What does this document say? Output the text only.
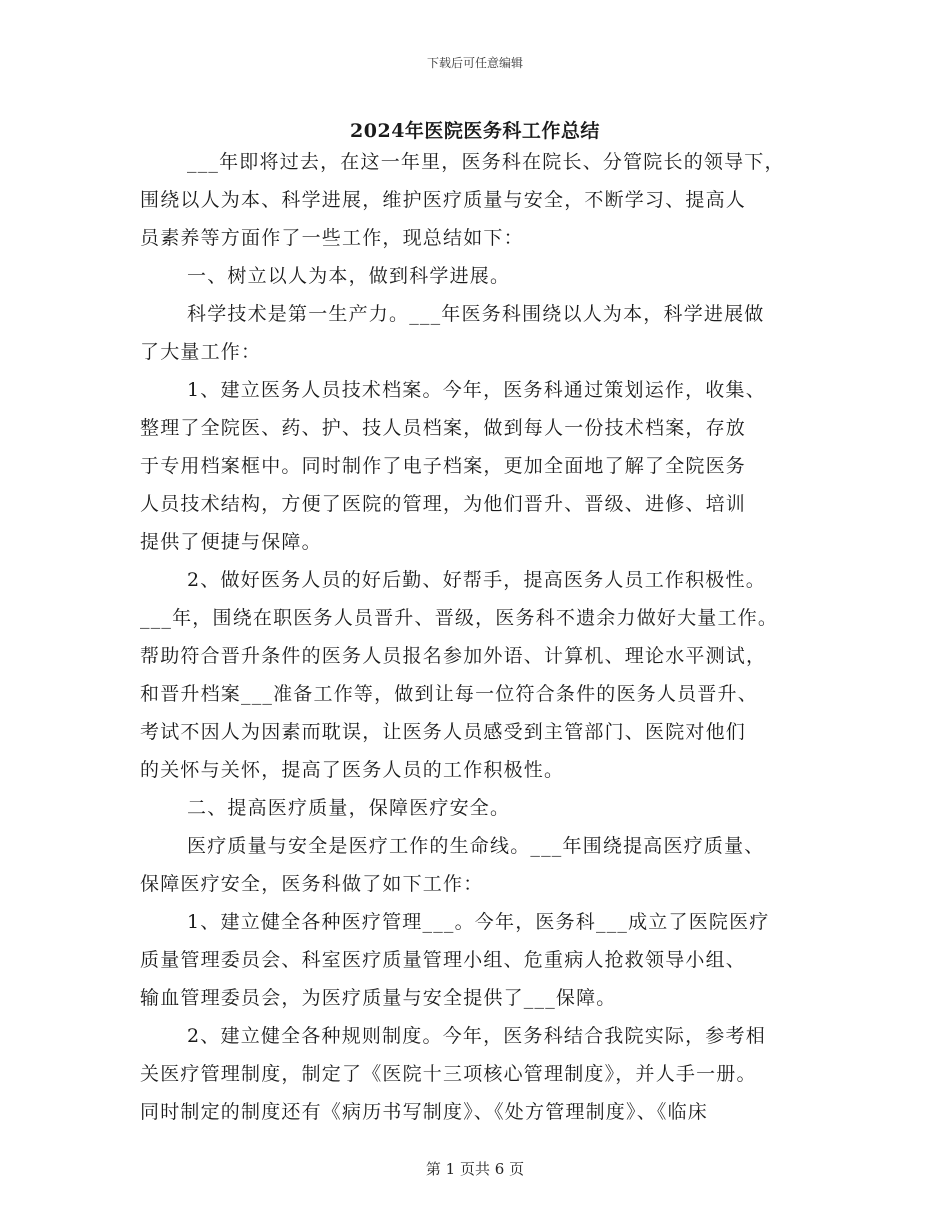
下载后可任意编辑
2024年医院医务科工作总结
___年即将过去，在这一年里，医务科在院长、分管院长的领导下，
围绕以人为本、科学进展，维护医疗质量与安全，不断学习、提高人
员素养等方面作了一些工作，现总结如下：
一、树立以人为本，做到科学进展。
科学技术是第一生产力。___年医务科围绕以人为本，科学进展做
了大量工作：
1、建立医务人员技术档案。今年，医务科通过策划运作，收集、
整理了全院医、药、护、技人员档案，做到每人一份技术档案，存放
于专用档案框中。同时制作了电子档案，更加全面地了解了全院医务
人员技术结构，方便了医院的管理，为他们晋升、晋级、进修、培训
提供了便捷与保障。
2、做好医务人员的好后勤、好帮手，提高医务人员工作积极性。
___年，围绕在职医务人员晋升、晋级，医务科不遗余力做好大量工作。
帮助符合晋升条件的医务人员报名参加外语、计算机、理论水平测试，
和晋升档案___准备工作等，做到让每一位符合条件的医务人员晋升、
考试不因人为因素而耽误，让医务人员感受到主管部门、医院对他们
的关怀与关怀，提高了医务人员的工作积极性。
二、提高医疗质量，保障医疗安全。
医疗质量与安全是医疗工作的生命线。___年围绕提高医疗质量、
保障医疗安全，医务科做了如下工作：
1、建立健全各种医疗管理___。今年，医务科___成立了医院医疗
质量管理委员会、科室医疗质量管理小组、危重病人抢救领导小组、
输血管理委员会，为医疗质量与安全提供了___保障。
2、建立健全各种规则制度。今年，医务科结合我院实际，参考相
关医疗管理制度，制定了《医院十三项核心管理制度》，并人手一册。
同时制定的制度还有《病历书写制度》、《处方管理制度》、《临床
第 1 页共 6 页
